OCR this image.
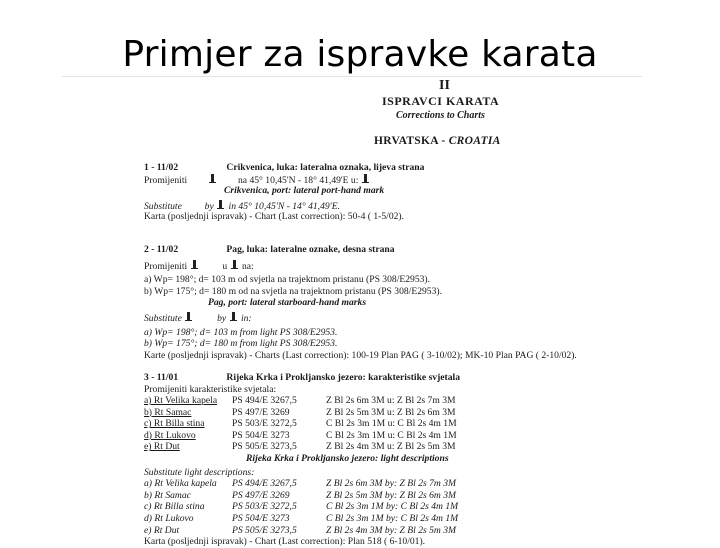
Primjer za ispravke karata
II
ISPRAVCI KARATA
Corrections to Charts
HRVATSKA - CROATIA
1 - 11/02	Crikvenica, luka: lateralna oznaka, lijeva strana
Promijeniti	na 45° 10,45'N - 18° 41,49'E u:
Crikvenica, port: lateral port-hand mark
Substitute by in 45° 10,45'N - 14° 41,49'E.
Karta (posljednji ispravak) - Chart (Last correction): 50-4 ( 1-5/02).
2 - 11/02	Pag, luka: lateralne oznake, desna strana
Promijeniti	u na:
a) Wp= 198°; d= 103 m od svjetla na trajektnom pristanu (PS 308/E2953).
b) Wp= 175°; d= 180 m od na svjetla na trajektnom pristanu (PS 308/E2953).
Pag, port: lateral starboard-hand marks
Substitute	by in:
a) Wp= 198°; d= 103 m from light PS 308/E2953.
b) Wp= 175°; d= 180 m from light PS 308/E2953.
Karte (posljednji ispravak) - Charts (Last correction): 100-19 Plan PAG ( 3-10/02); MK-10 Plan PAG ( 2-10/02).
3 - 11/01	Rijeka Krka i Prokljansko jezero: karakteristike svjetala
Promijeniti karakteristike svjetala:
a) Rt Velika kapela PS 494/E 3267,5	Z Bl 2s 6m 3M u: Z Bl 2s 7m 3M
b) Rt Samac	PS 497/E 3269	Z Bl 2s 5m 3M u: Z Bl 2s 6m 3M
c) Rt Billa stina	PS 503/E 3272,5	C Bl 2s 3m 1M u: C Bl 2s 4m 1M
d) Rt Lukovo	PS 504/E 3273	C Bl 2s 3m 1M u: C Bl 2s 4m 1M
e) Rt Dut	PS 505/E 3273,5	Z Bl 2s 4m 3M u: Z Bl 2s 5m 3M
Rijeka Krka i Prokljansko jezero: light descriptions
Substitute light descriptions:
a) Rt Velika kapela PS 494/E 3267,5	Z Bl 2s 6m 3M by: Z Bl 2s 7m 3M
b) Rt Samac	PS 497/E 3269	Z Bl 2s 5m 3M by: Z Bl 2s 6m 3M
c) Rt Billa stina	PS 503/E 3272,5	C Bl 2s 3m 1M by: C Bl 2s 4m 1M
d) Rt Lukovo	PS 504/E 3273	C Bl 2s 3m 1M by: C Bl 2s 4m 1M
e) Rt Dut	PS 505/E 3273,5	Z Bl 2s 4m 3M by: Z Bl 2s 5m 3M
Karta (posljednji ispravak) - Chart (Last correction): Plan 518 ( 6-10/01).
